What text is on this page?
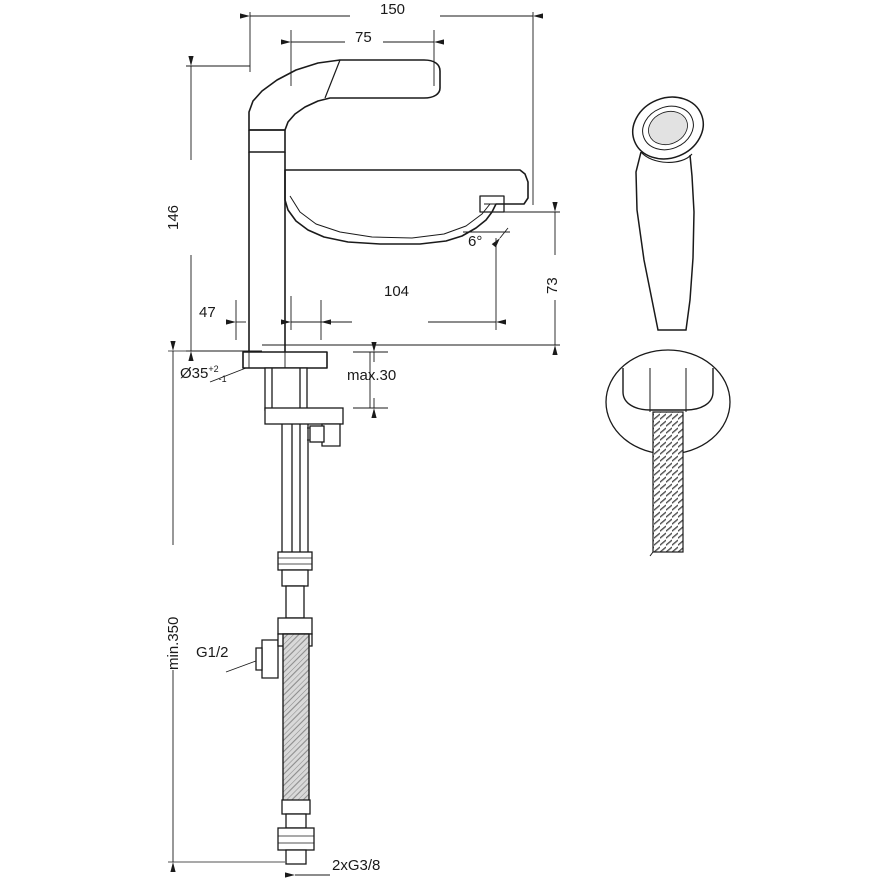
150
75
146
min.350
73
47
104
6°
$Ø35^{+2}_{-1}$	max.30
G1/2
2xG3/8
